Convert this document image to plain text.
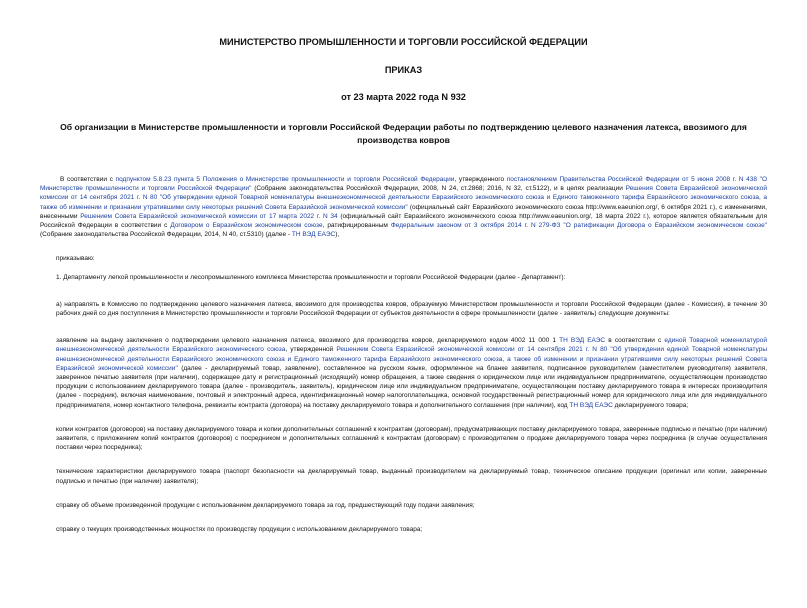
МИНИСТЕРСТВО ПРОМЫШЛЕННОСТИ И ТОРГОВЛИ РОССИЙСКОЙ ФЕДЕРАЦИИ
ПРИКАЗ
от 23 марта 2022 года N 932
Об организации в Министерстве промышленности и торговли Российской Федерации работы по подтверждению целевого назначения латекса, ввозимого для производства ковров

В соответствии с подпунктом 5.8.23 пункта 5 Положения о Министерстве промышленности и торговли Российской Федерации, утвержденного постановлением Правительства Российской Федерации от 5 июня 2008 г. N 438 "О Министерстве промышленности и торговли Российской Федерации" (Собрание законодательства Российской Федерации, 2008, N 24, ст.2868; 2016, N 32, ст.5122), и в целях реализации Решения Совета Евразийской экономической комиссии от 14 сентября 2021 г. N 80 "Об утверждении единой Товарной номенклатуры внешнеэкономической деятельности Евразийского экономического союза и Единого таможенного тарифа Евразийского экономического союза, а также об изменении и признании утратившими силу некоторых решений Совета Евразийской экономической комиссии" (официальный сайт Евразийского экономического союза http://www.eaeunion.org/, 6 октября 2021 г.), с изменениями, внесенными Решением Совета Евразийской экономической комиссии от 17 марта 2022 г. N 34 (официальный сайт Евразийского экономического союза http://www.eaeunion.org/, 18 марта 2022 г.), которое является обязательным для Российской Федерации в соответствии с Договором о Евразийском экономическом союзе, ратифицированным Федеральным законом от 3 октября 2014 г. N 279-ФЗ "О ратификации Договора о Евразийском экономическом союзе" (Собрание законодательства Российской Федерации, 2014, N 40, ст.5310) (далее - ТН ВЭД ЕАЭС),

приказываю:

1. Департаменту легкой промышленности и лесопромышленного комплекса Министерства промышленности и торговли Российской Федерации (далее - Департамент):

а) направлять в Комиссию по подтверждению целевого назначения латекса, ввозимого для производства ковров, образуемую Министерством промышленности и торговли Российской Федерации (далее - Комиссия), в течение 30 рабочих дней со дня поступления в Министерство промышленности и торговли Российской Федерации от субъектов деятельности в сфере промышленности (далее - заявитель) следующие документы:

заявление на выдачу заключения о подтверждении целевого назначения латекса, ввозимого для производства ковров, декларируемого кодом 4002 11 000 1 ТН ВЭД ЕАЭС в соответствии с единой Товарной номенклатурой внешнеэкономической деятельности Евразийского экономического союза, утвержденной Решением Совета Евразийской экономической комиссии от 14 сентября 2021 г. N 80 "Об утверждении единой Товарной номенклатуры внешнеэкономической деятельности Евразийского экономического союза и Единого таможенного тарифа Евразийского экономического союза, а также об изменении и признании утратившими силу некоторых решений Совета Евразийской экономической комиссии" (далее - декларируемый товар, заявление), составленное на русском языке, оформленное на бланке заявителя, подписанное руководителем (заместителем руководителя) заявителя, заверенное печатью заявителя (при наличии), содержащее дату и регистрационный (исходящий) номер обращения, а также сведения о юридическом лице или индивидуальном предпринимателе, осуществляющем производство продукции с использованием декларируемого товара (далее - производитель, заявитель), юридическом лице или индивидуальном предпринимателе, осуществляющем поставку декларируемого товара в интересах производителя (далее - посредник), включая наименование, почтовый и электронный адреса, идентификационный номер налогоплательщика, основной государственный регистрационный номер для юридического лица или для индивидуального предпринимателя, номер контактного телефона, реквизиты контракта (договора) на поставку декларируемого товара и дополнительного соглашения (при наличии), код ТН ВЭД ЕАЭС декларируемого товара;

копии контрактов (договоров) на поставку декларируемого товара и копии дополнительных соглашений к контрактам (договорам), предусматривающих поставку декларируемого товара, заверенные подписью и печатью (при наличии) заявителя, с приложением копий контрактов (договоров) с посредником и дополнительных соглашений к контрактам (договорам) с производителем о продаже декларируемого товара через посредника (в случае осуществления поставки через посредника);

технические характеристики декларируемого товара (паспорт безопасности на декларируемый товар, выданный производителем на декларируемый товар, техническое описание продукции (оригинал или копии, заверенные подписью и печатью (при наличии) заявителя);

справку об объеме произведенной продукции с использованием декларируемого товара за год, предшествующий году подачи заявления;

справку о текущих производственных мощностях по производству продукции с использованием декларируемого товара;
